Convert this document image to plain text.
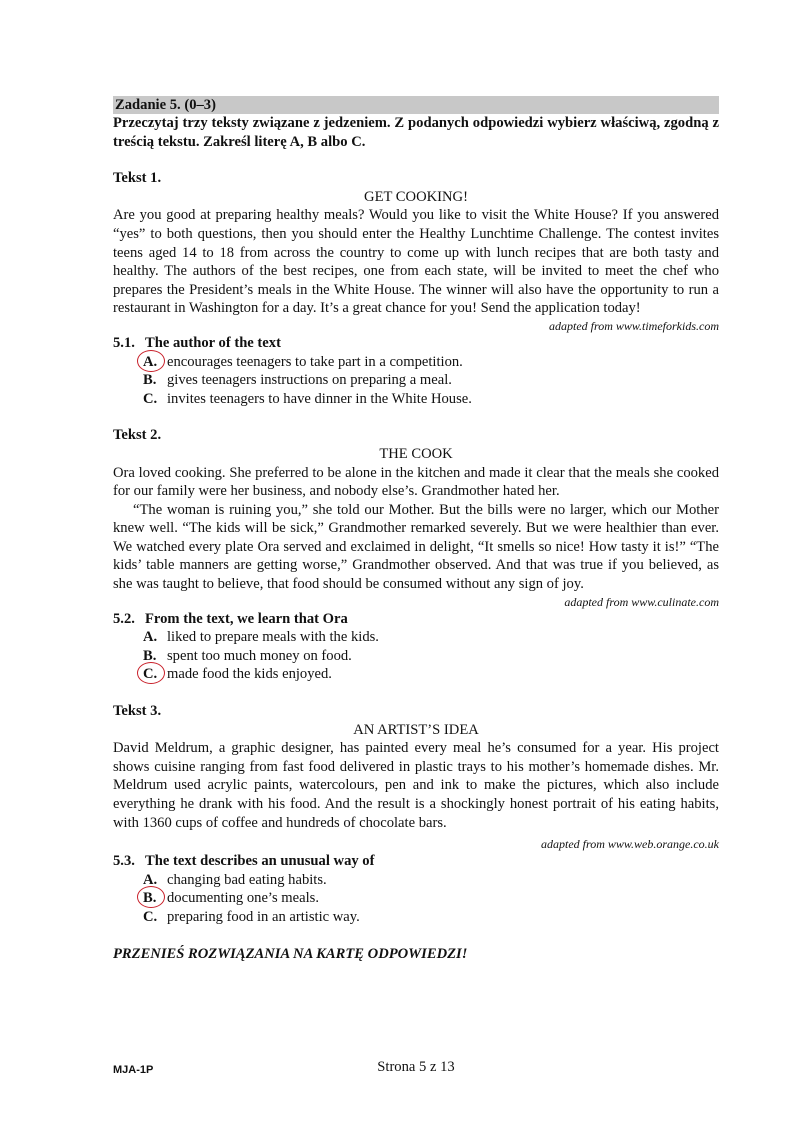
Zadanie 5. (0–3)
Przeczytaj trzy teksty związane z jedzeniem. Z podanych odpowiedzi wybierz właściwą, zgodną z treścią tekstu. Zakreśl literę A, B albo C.
Tekst 1.
GET COOKING!

Are you good at preparing healthy meals? Would you like to visit the White House? If you answered “yes” to both questions, then you should enter the Healthy Lunchtime Challenge. The contest invites teens aged 14 to 18 from across the country to come up with lunch recipes that are both tasty and healthy. The authors of the best recipes, one from each state, will be invited to meet the chef who prepares the President’s meals in the White House. The winner will also have the opportunity to run a restaurant in Washington for a day. It’s a great chance for you! Send the application today!

adapted from www.timeforkids.com
5.1. The author of the text
A. encourages teenagers to take part in a competition.
B. gives teenagers instructions on preparing a meal.
C. invites teenagers to have dinner in the White House.
Tekst 2.
THE COOK

Ora loved cooking. She preferred to be alone in the kitchen and made it clear that the meals she cooked for our family were her business, and nobody else’s. Grandmother hated her.

“The woman is ruining you,” she told our Mother. But the bills were no larger, which our Mother knew well. “The kids will be sick,” Grandmother remarked severely. But we were healthier than ever. We watched every plate Ora served and exclaimed in delight, “It smells so nice! How tasty it is!” “The kids’ table manners are getting worse,” Grandmother observed. And that was true if you believed, as she was taught to believe, that food should be consumed without any sign of joy.

adapted from www.culinate.com
5.2. From the text, we learn that Ora
A. liked to prepare meals with the kids.
B. spent too much money on food.
C. made food the kids enjoyed.
Tekst 3.
AN ARTIST’S IDEA

David Meldrum, a graphic designer, has painted every meal he’s consumed for a year. His project shows cuisine ranging from fast food delivered in plastic trays to his mother’s homemade dishes. Mr. Meldrum used acrylic paints, watercolours, pen and ink to make the pictures, which also include everything he drank with his food. And the result is a shockingly honest portrait of his eating habits, with 1360 cups of coffee and hundreds of chocolate bars.

adapted from www.web.orange.co.uk
5.3. The text describes an unusual way of
A. changing bad eating habits.
B. documenting one’s meals.
C. preparing food in an artistic way.
PRZENIEŚ ROZWIĄZANIA NA KARTĘ ODPOWIEDZI!
MJA-1P	Strona 5 z 13
